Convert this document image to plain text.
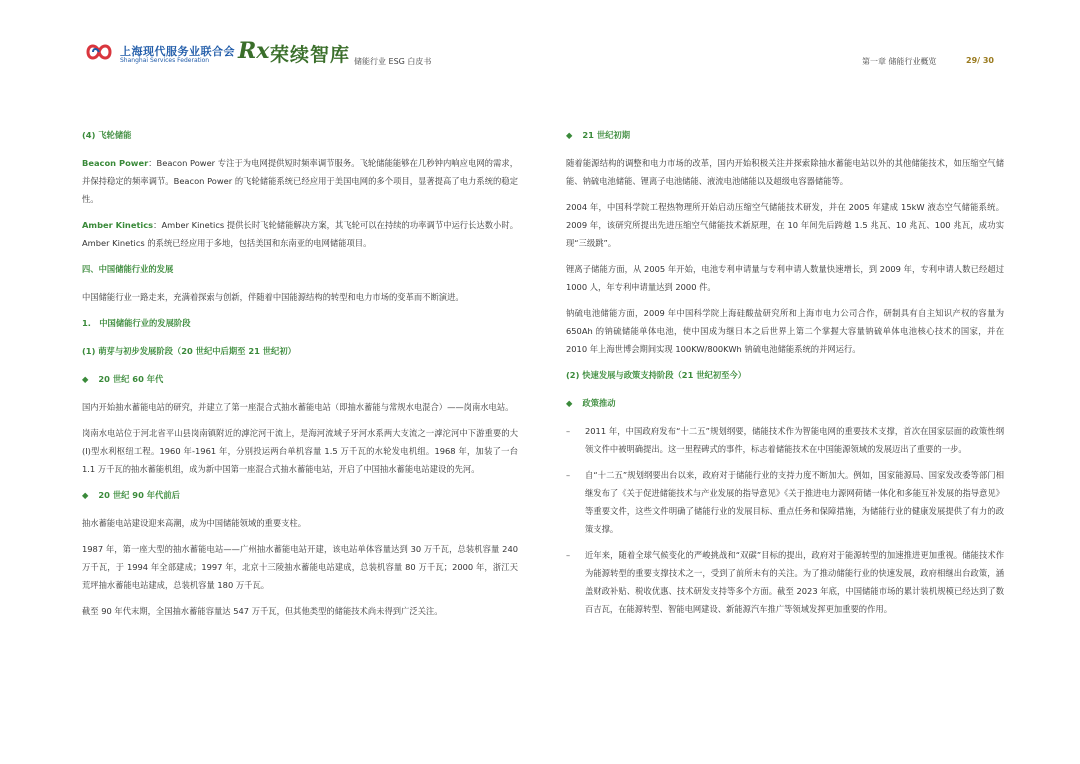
上海现代服务业联合会
Shanghai Services Federation Rx 荣续智库 储能行业 ESG 白皮书	第一章 储能行业概览	29/ 30
(4) 飞轮储能

Beacon Power：Beacon Power 专注于为电网提供短时频率调节服务。飞轮储能能够在几秒钟内响应电网的需求，并保持稳定的频率调节。Beacon Power 的飞轮储能系统已经应用于美国电网的多个项目，显著提高了电力系统的稳定性。

Amber Kinetics：Amber Kinetics 提供长时飞轮储能解决方案，其飞轮可以在持续的功率调节中运行长达数小时。Amber Kinetics 的系统已经应用于多地，包括美国和东南亚的电网储能项目。

四、中国储能行业的发展

中国储能行业一路走来，充满着探索与创新，伴随着中国能源结构的转型和电力市场的变革而不断演进。

1.　中国储能行业的发展阶段
(1) 萌芽与初步发展阶段（20 世纪中后期至 21 世纪初）
◆ 20 世纪 60 年代

国内开始抽水蓄能电站的研究，并建立了第一座混合式抽水蓄能电站（即抽水蓄能与常规水电混合）——岗南水电站。

岗南水电站位于河北省平山县岗南镇附近的滹沱河干流上，是海河流域子牙河水系两大支流之一滹沱河中下游重要的大(I)型水利枢纽工程。1960 年-1961 年，分别投运两台单机容量 1.5 万千瓦的水轮发电机组。1968 年，加装了一台 1.1 万千瓦的抽水蓄能机组，成为新中国第一座混合式抽水蓄能电站，开启了中国抽水蓄能电站建设的先河。

◆ 20 世纪 90 年代前后

抽水蓄能电站建设迎来高潮，成为中国储能领域的重要支柱。

1987 年，第一座大型的抽水蓄能电站——广州抽水蓄能电站开建，该电站单体容量达到 30 万千瓦，总装机容量 240 万千瓦，于 1994 年全部建成；1997 年，北京十三陵抽水蓄能电站建成，总装机容量 80 万千瓦；2000 年，浙江天荒坪抽水蓄能电站建成，总装机容量 180 万千瓦。

截至 90 年代末期，全国抽水蓄能容量达 547 万千瓦，但其他类型的储能技术尚未得到广泛关注。

◆ 21 世纪初期

随着能源结构的调整和电力市场的改革，国内开始积极关注并探索除抽水蓄能电站以外的其他储能技术，如压缩空气储能、钠硫电池储能、锂离子电池储能、液流电池储能以及超级电容器储能等。

2004 年，中国科学院工程热物理所开始启动压缩空气储能技术研发，并在 2005 年建成 15kW 液态空气储能系统。2009 年，该研究所提出先进压缩空气储能技术新原理，在 10 年间先后跨越 1.5 兆瓦、10 兆瓦、100 兆瓦，成功实现“三级跳”。

锂离子储能方面，从 2005 年开始，电池专利申请量与专利申请人数量快速增长，到 2009 年，专利申请人数已经超过 1000 人，年专利申请量达到 2000 件。

钠硫电池储能方面，2009 年中国科学院上海硅酸盐研究所和上海市电力公司合作，研制具有自主知识产权的容量为 650Ah 的钠硫储能单体电池，使中国成为继日本之后世界上第二个掌握大容量钠硫单体电池核心技术的国家，并在 2010 年上海世博会期间实现 100KW/800KWh 钠硫电池储能系统的并网运行。

(2) 快速发展与政策支持阶段（21 世纪初至今）
◆ 政策推动

– 2011 年，中国政府发布“十二五”规划纲要，储能技术作为智能电网的重要技术支撑，首次在国家层面的政策性纲领文件中被明确提出。这一里程碑式的事件，标志着储能技术在中国能源领域的发展迈出了重要的一步。

– 自“十二五”规划纲要出台以来，政府对于储能行业的支持力度不断加大。例如，国家能源局、国家发改委等部门相继发布了《关于促进储能技术与产业发展的指导意见》《关于推进电力源网荷储一体化和多能互补发展的指导意见》等重要文件，这些文件明确了储能行业的发展目标、重点任务和保障措施，为储能行业的健康发展提供了有力的政策支撑。

– 近年来，随着全球气候变化的严峻挑战和“双碳”目标的提出，政府对于能源转型的加速推进更加重视。储能技术作为能源转型的重要支撑技术之一，受到了前所未有的关注。为了推动储能行业的快速发展，政府相继出台政策，涵盖财政补贴、税收优惠、技术研发支持等多个方面。截至 2023 年底，中国储能市场的累计装机规模已经达到了数百吉瓦，在能源转型、智能电网建设、新能源汽车推广等领域发挥更加重要的作用。
